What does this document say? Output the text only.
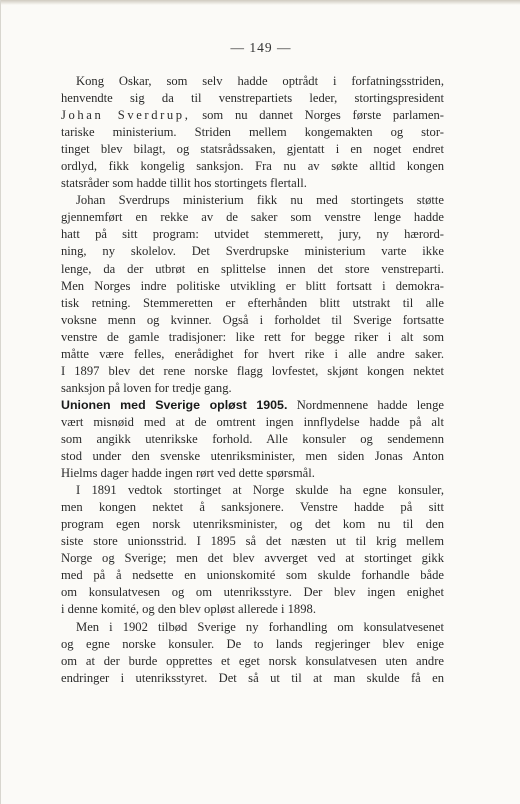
— 149 —
Kong Oskar, som selv hadde optrådt i forfatningsstriden,
henvendte sig da til venstrepartiets leder, stortingspresident
Johan Sverdrup, som nu dannet Norges første parlamen-
tariske ministerium. Striden mellem kongemakten og stor-
tinget blev bilagt, og statsrådssaken, gjentatt i en noget endret
ordlyd, fikk kongelig sanksjon. Fra nu av søkte alltid kongen
statsråder som hadde tillit hos stortingets flertall.
Johan Sverdrups ministerium fikk nu med stortingets støtte
gjennemført en rekke av de saker som venstre lenge hadde
hatt på sitt program: utvidet stemmerett, jury, ny hærord-
ning, ny skolelov. Det Sverdrupske ministerium varte ikke
lenge, da der utbrøt en splittelse innen det store venstreparti.
Men Norges indre politiske utvikling er blitt fortsatt i demokra-
tisk retning. Stemmeretten er efterhånden blitt utstrakt til alle
voksne menn og kvinner. Også i forholdet til Sverige fortsatte
venstre de gamle tradisjoner: like rett for begge riker i alt som
måtte være felles, enerådighet for hvert rike i alle andre saker.
I 1897 blev det rene norske flagg lovfestet, skjønt kongen nektet
sanksjon på loven for tredje gang.
Unionen med Sverige opløst 1905. Nordmennene hadde lenge
vært misnøid med at de omtrent ingen innflydelse hadde på alt
som angikk utenrikske forhold. Alle konsuler og sendemenn
stod under den svenske utenriksminister, men siden Jonas Anton
Hielms dager hadde ingen rørt ved dette spørsmål.
I 1891 vedtok stortinget at Norge skulde ha egne konsuler,
men kongen nektet å sanksjonere. Venstre hadde på sitt
program egen norsk utenriksminister, og det kom nu til den
siste store unionsstrid. I 1895 så det næsten ut til krig mellem
Norge og Sverige; men det blev avverget ved at stortinget gikk
med på å nedsette en unionskomité som skulde forhandle både
om konsulatvesen og om utenriksstyre. Der blev ingen enighet
i denne komité, og den blev opløst allerede i 1898.
Men i 1902 tilbød Sverige ny forhandling om konsulatvesenet
og egne norske konsuler. De to lands regjeringer blev enige
om at der burde opprettes et eget norsk konsulatvesen uten andre
endringer i utenriksstyret. Det så ut til at man skulde få en
